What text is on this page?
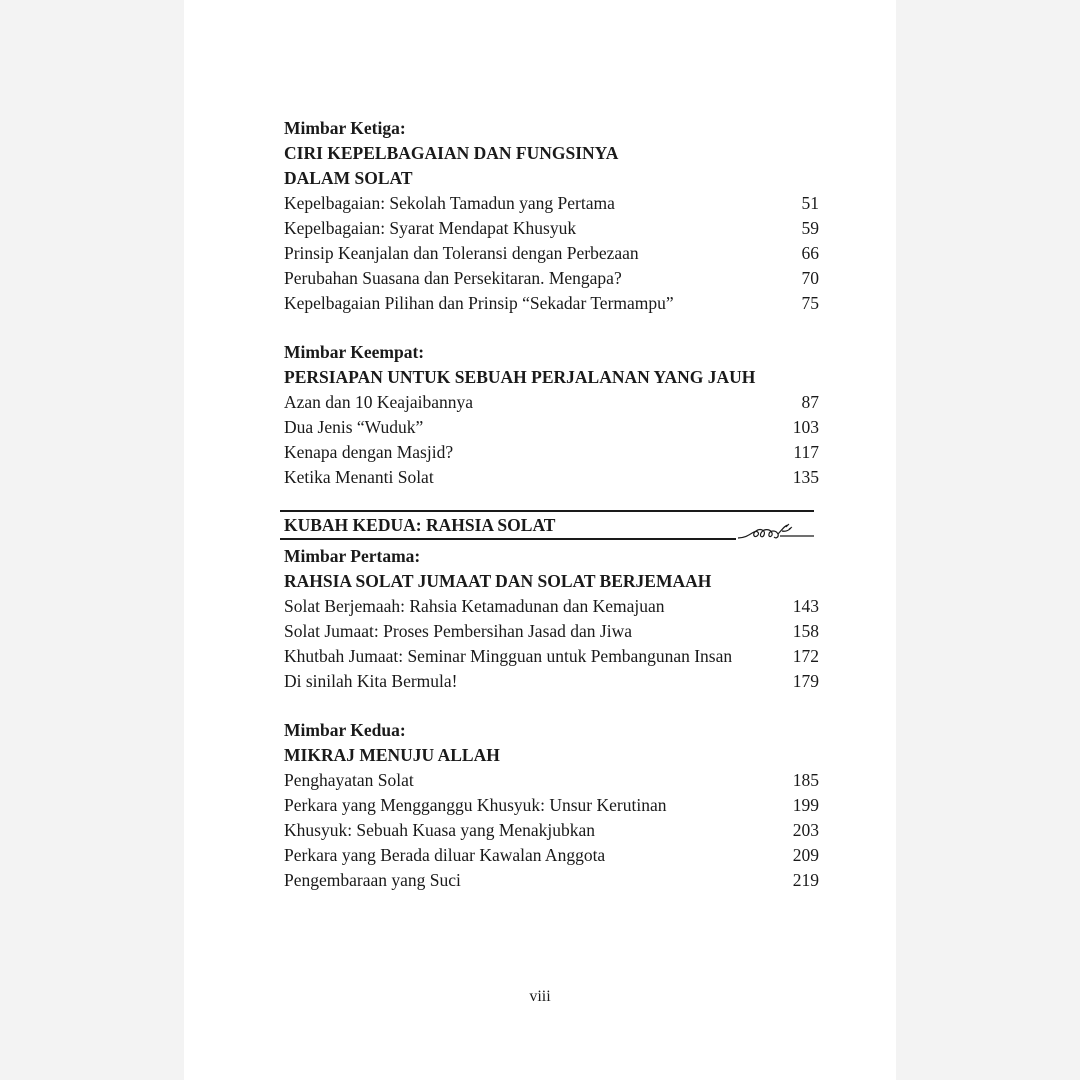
Mimbar Ketiga:
CIRI KEPELBAGAIAN DAN FUNGSINYA
DALAM SOLAT
Kepelbagaian: Sekolah Tamadun yang Pertama	51
Kepelbagaian: Syarat Mendapat Khusyuk	59
Prinsip Keanjalan dan Toleransi dengan Perbezaan	66
Perubahan Suasana dan Persekitaran. Mengapa?	70
Kepelbagaian Pilihan dan Prinsip “Sekadar Termampu”	75
Mimbar Keempat:
PERSIAPAN UNTUK SEBUAH PERJALANAN YANG JAUH
Azan dan 10 Keajaibannya	87
Dua Jenis “Wuduk”	103
Kenapa dengan Masjid?	117
Ketika Menanti Solat	135
KUBAH KEDUA: RAHSIA SOLAT
Mimbar Pertama:
RAHSIA SOLAT JUMAAT DAN SOLAT BERJEMAAH
Solat Berjemaah: Rahsia Ketamadunan dan Kemajuan	143
Solat Jumaat: Proses Pembersihan Jasad dan Jiwa	158
Khutbah Jumaat: Seminar Mingguan untuk Pembangunan Insan	172
Di sinilah Kita Bermula!	179
Mimbar Kedua:
MIKRAJ MENUJU ALLAH
Penghayatan Solat	185
Perkara yang Mengganggu Khusyuk: Unsur Kerutinan	199
Khusyuk: Sebuah Kuasa yang Menakjubkan	203
Perkara yang Berada diluar Kawalan Anggota	209
Pengembaraan yang Suci	219
viii
